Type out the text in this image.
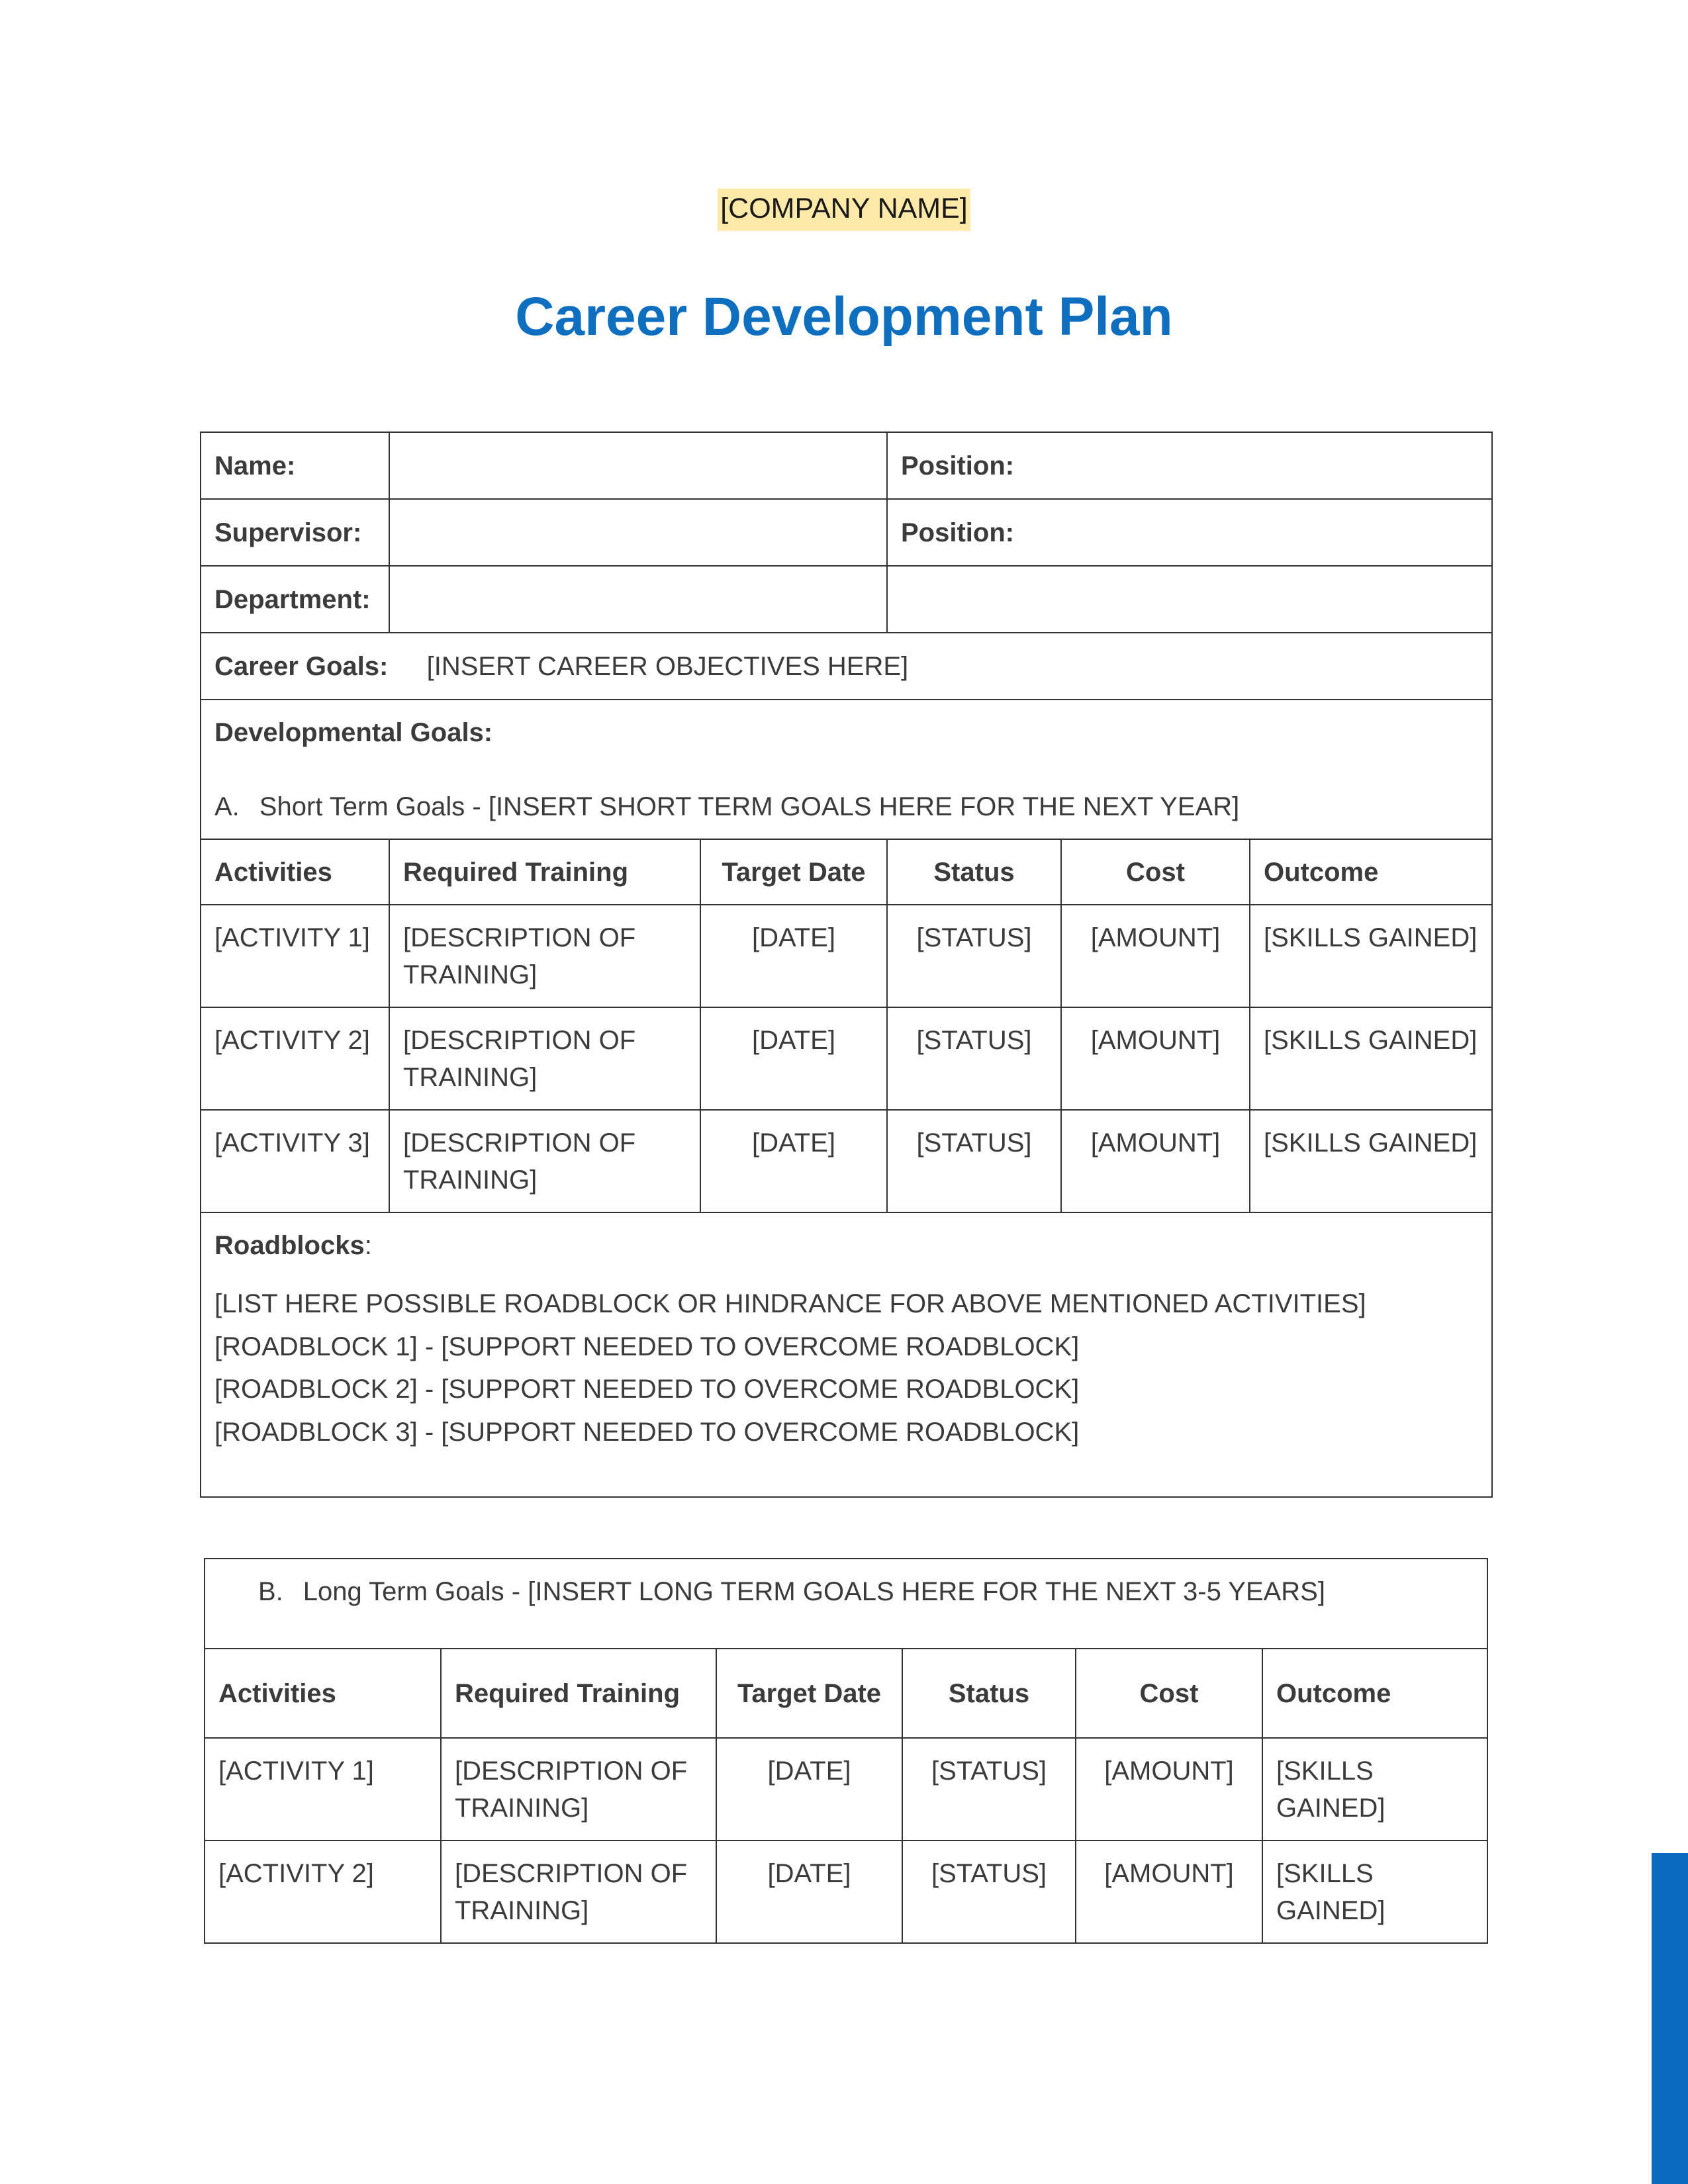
[COMPANY NAME]
Career Development Plan
Name:			Position:		
Supervisor:			Position:		
Department:					
Career Goals: [INSERT CAREER OBJECTIVES HERE]					

Developmental Goals:
A. Short Term Goals - [INSERT SHORT TERM GOALS HERE FOR THE NEXT YEAR]					

Activities	Required Training	Target Date	Status	Cost	Outcome
[ACTIVITY 1]	[DESCRIPTION OF TRAINING]	[DATE]	[STATUS]	[AMOUNT]	[SKILLS GAINED]
[ACTIVITY 2]	[DESCRIPTION OF TRAINING]	[DATE]	[STATUS]	[AMOUNT]	[SKILLS GAINED]
[ACTIVITY 3]	[DESCRIPTION OF TRAINING]	[DATE]	[STATUS]	[AMOUNT]	[SKILLS GAINED]

Roadblocks:
[LIST HERE POSSIBLE ROADBLOCK OR HINDRANCE FOR ABOVE MENTIONED ACTIVITIES]
[ROADBLOCK 1] - [SUPPORT NEEDED TO OVERCOME ROADBLOCK]
[ROADBLOCK 2] - [SUPPORT NEEDED TO OVERCOME ROADBLOCK]
[ROADBLOCK 3] - [SUPPORT NEEDED TO OVERCOME ROADBLOCK]					
B. Long Term Goals - [INSERT LONG TERM GOALS HERE FOR THE NEXT 3-5 YEARS]					
Activities	Required Training	Target Date	Status	Cost	Outcome
[ACTIVITY 1]	[DESCRIPTION OF TRAINING]	[DATE]	[STATUS]	[AMOUNT]	[SKILLS GAINED]
[ACTIVITY 2]	[DESCRIPTION OF TRAINING]	[DATE]	[STATUS]	[AMOUNT]	[SKILLS GAINED]
